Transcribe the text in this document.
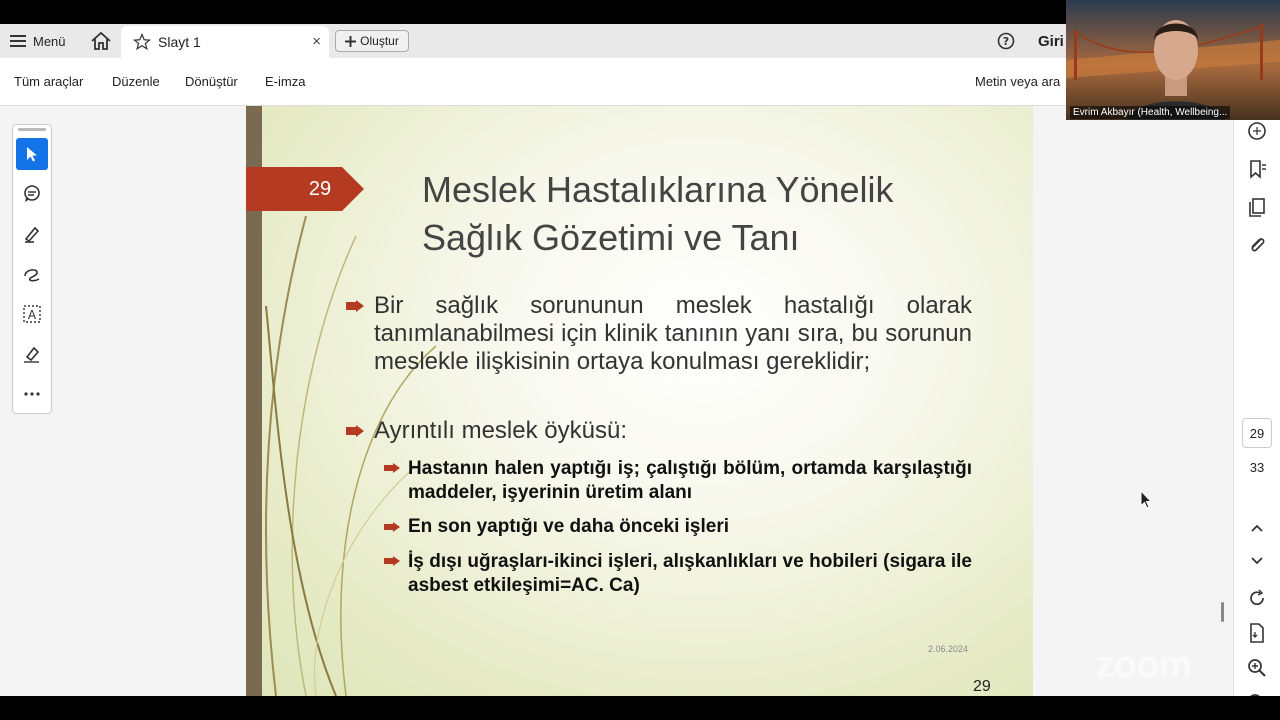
Menü	Slayt 1	×	Oluştur	? Giri
Tüm araçlar Düzenle Dönüştür E-imza	Metin veya ara
A
29	Meslek Hastalıklarına Yönelik
Sağlık Gözetimi ve Tanı
Bir sağlık sorununun meslek hastalığı olarak tanımlanabilmesi için klinik tanının yanı sıra, bu sorunun meslekle ilişkisinin ortaya konulması gereklidir;
Ayrıntılı meslek öyküsü:
Hastanın halen yaptığı iş; çalıştığı bölüm, ortamda karşılaştığı maddeler, işyerinin üretim alanı
En son yaptığı ve daha önceki işleri
İş dışı uğraşları-ikinci işleri, alışkanlıkları ve hobileri (sigara ile asbest etkileşimi=AC. Ca)
2.06.2024
29
29
33
Evrim Akbayır (Health, Wellbeing...
zoom
